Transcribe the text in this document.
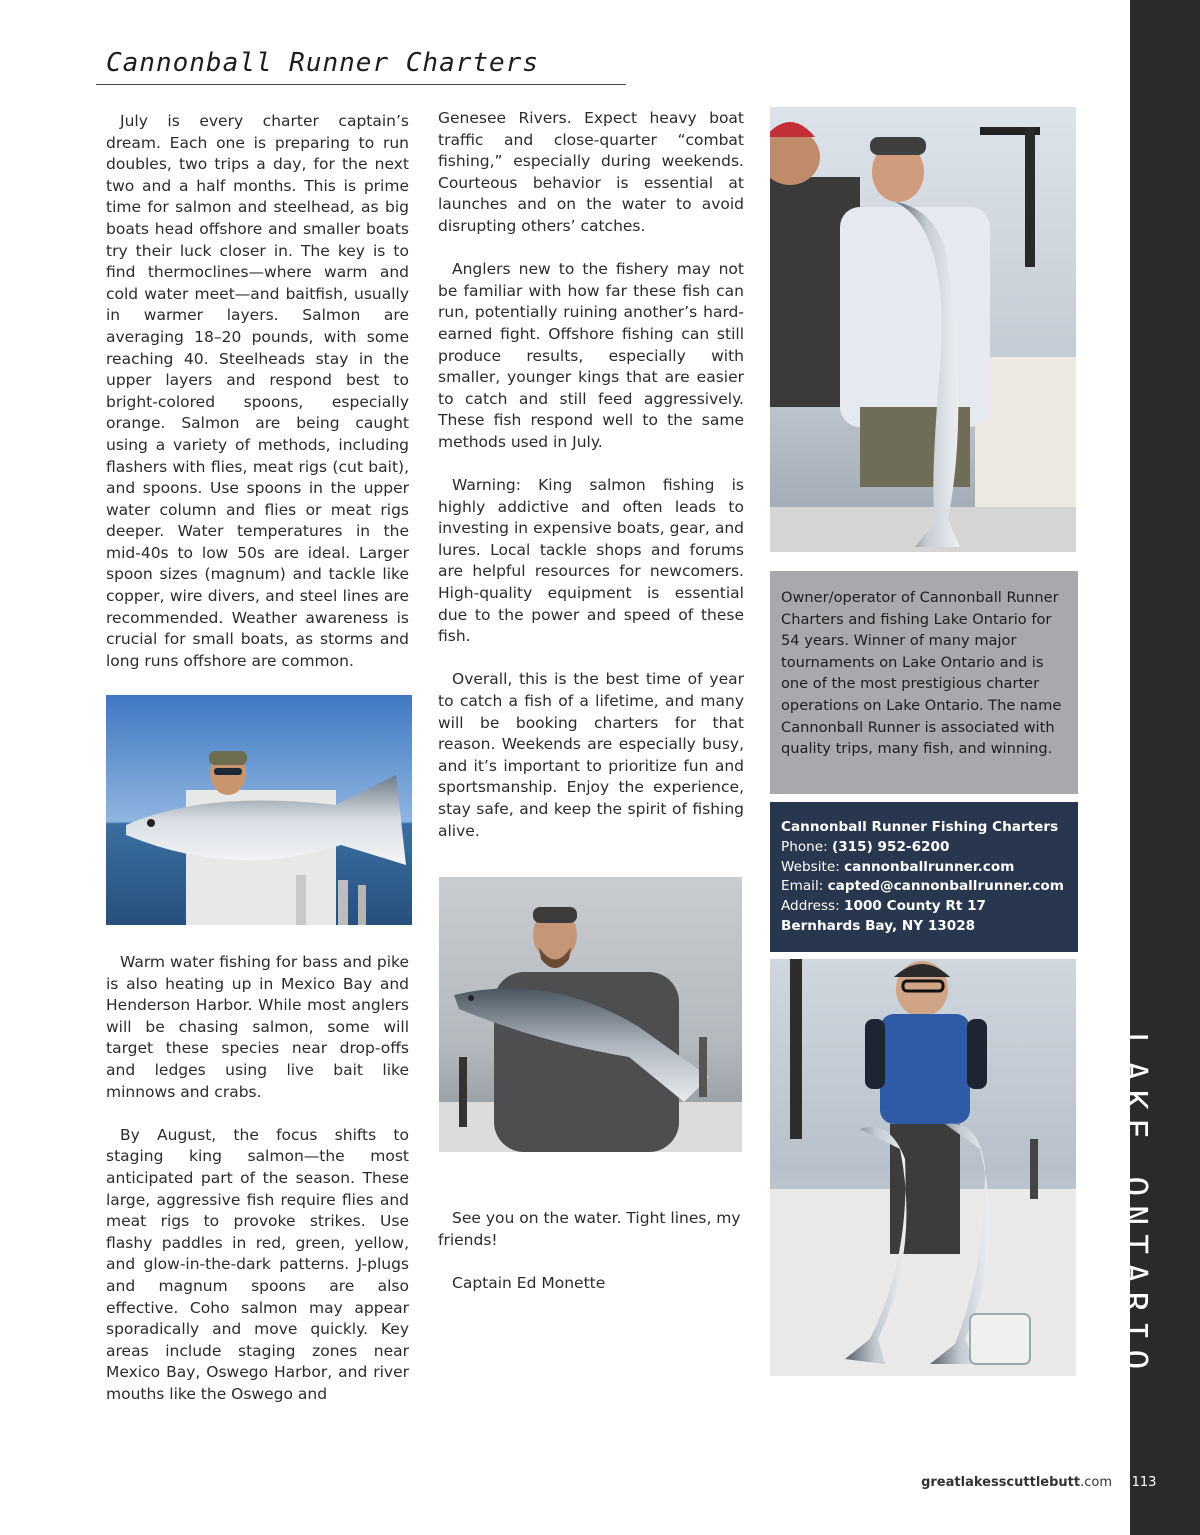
Cannonball Runner Charters

July is every charter captain’s dream. Each one is preparing to run doubles, two trips a day, for the next two and a half months. This is prime time for salmon and steelhead, as big boats head offshore and smaller boats try their luck closer in. The key is to find thermoclines—where warm and cold water meet—and baitfish, usually in warmer layers. Salmon are averaging 18–20 pounds, with some reaching 40. Steelheads stay in the upper layers and respond best to bright-colored spoons, especially orange. Salmon are being caught using a variety of methods, including flashers with flies, meat rigs (cut bait), and spoons. Use spoons in the upper water column and flies or meat rigs deeper. Water temperatures in the mid-40s to low 50s are ideal. Larger spoon sizes (magnum) and tackle like copper, wire divers, and steel lines are recommended. Weather awareness is crucial for small boats, as storms and long runs offshore are common.

Warm water fishing for bass and pike is also heating up in Mexico Bay and Henderson Harbor. While most anglers will be chasing salmon, some will target these species near drop-offs and ledges using live bait like minnows and crabs.

By August, the focus shifts to staging king salmon—the most anticipated part of the season. These large, aggressive fish require flies and meat rigs to provoke strikes. Use flashy paddles in red, green, yellow, and glow-in-the-dark patterns. J-plugs and magnum spoons are also effective. Coho salmon may appear sporadically and move quickly. Key areas include staging zones near Mexico Bay, Oswego Harbor, and river mouths like the Oswego and

Genesee Rivers. Expect heavy boat traffic and close-quarter “combat fishing,” especially during weekends. Courteous behavior is essential at launches and on the water to avoid disrupting others’ catches.

Anglers new to the fishery may not be familiar with how far these fish can run, potentially ruining another’s hard-earned fight. Offshore fishing can still produce results, especially with smaller, younger kings that are easier to catch and still feed aggressively. These fish respond well to the same methods used in July.

Warning: King salmon fishing is highly addictive and often leads to investing in expensive boats, gear, and lures. Local tackle shops and forums are helpful resources for newcomers. High-quality equipment is essential due to the power and speed of these fish.

Overall, this is the best time of year to catch a fish of a lifetime, and many will be booking charters for that reason. Weekends are especially busy, and it’s important to prioritize fun and sportsmanship. Enjoy the experience, stay safe, and keep the spirit of fishing alive.

See you on the water. Tight lines, my friends!

Captain Ed Monette

Owner/operator of Cannonball Runner Charters and fishing Lake Ontario for 54 years. Winner of many major tournaments on Lake Ontario and is one of the most prestigious charter operations on Lake Ontario. The name Cannonball Runner is associated with quality trips, many fish, and winning.
Cannonball Runner Fishing Charters
Phone: (315) 952-6200
Website: cannonballrunner.com
Email: capted@cannonballrunner.com
Address: 1000 County Rt 17
Bernhards Bay, NY 13028
LAKE ONTARIO
greatlakesscuttlebutt.com 113
